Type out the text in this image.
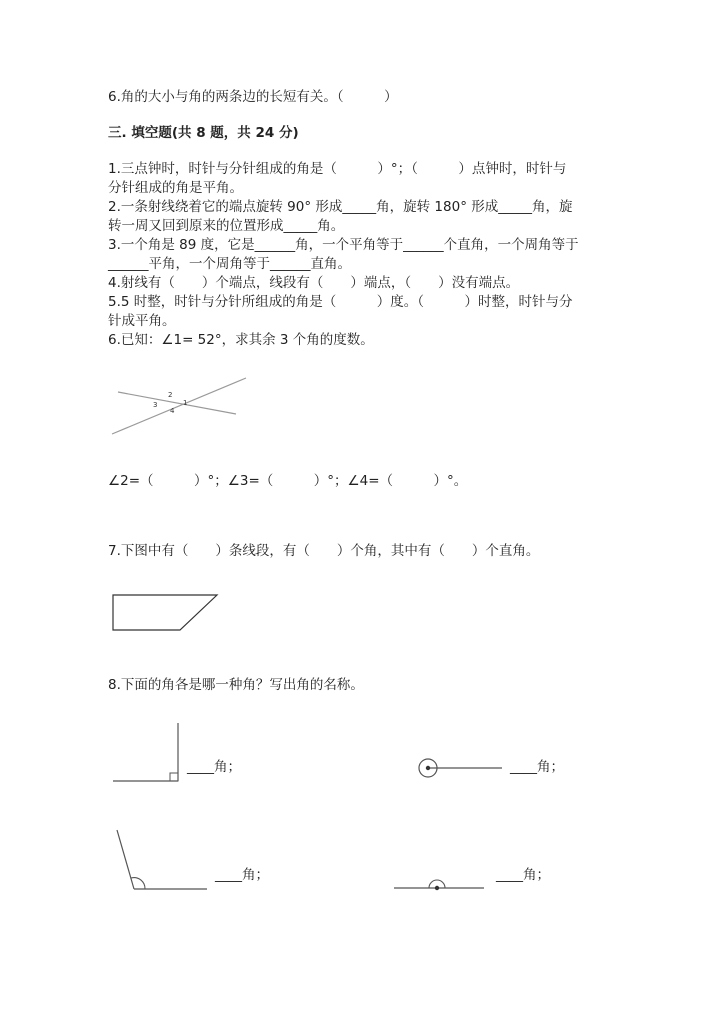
6.角的大小与角的两条边的长短有关。（　　　）
三. 填空题(共 8 题，共 24 分)
1.三点钟时，时针与分针组成的角是（　　　）°；（　　　）点钟时，时针与
分针组成的角是平角。
2.一条射线绕着它的端点旋转 90° 形成_____角，旋转 180° 形成_____角，旋
转一周又回到原来的位置形成_____角。
3.一个角是 89 度，它是______角，一个平角等于______个直角，一个周角等于
______平角，一个周角等于______直角。
4.射线有（　　）个端点，线段有（　　）端点，（　　）没有端点。
5.5 时整，时针与分针所组成的角是（　　　）度。（　　　）时整，时针与分
针成平角。
6.已知：∠1= 52°，求其余 3 个角的度数。
2
3	1
4
∠2=（　　　）°；∠3=（　　　）°；∠4=（　　　）°。
7.下图中有（　　）条线段，有（　　）个角，其中有（　　）个直角。
8.下面的角各是哪一种角？写出角的名称。
____角；	____角；
____角；	____角；
